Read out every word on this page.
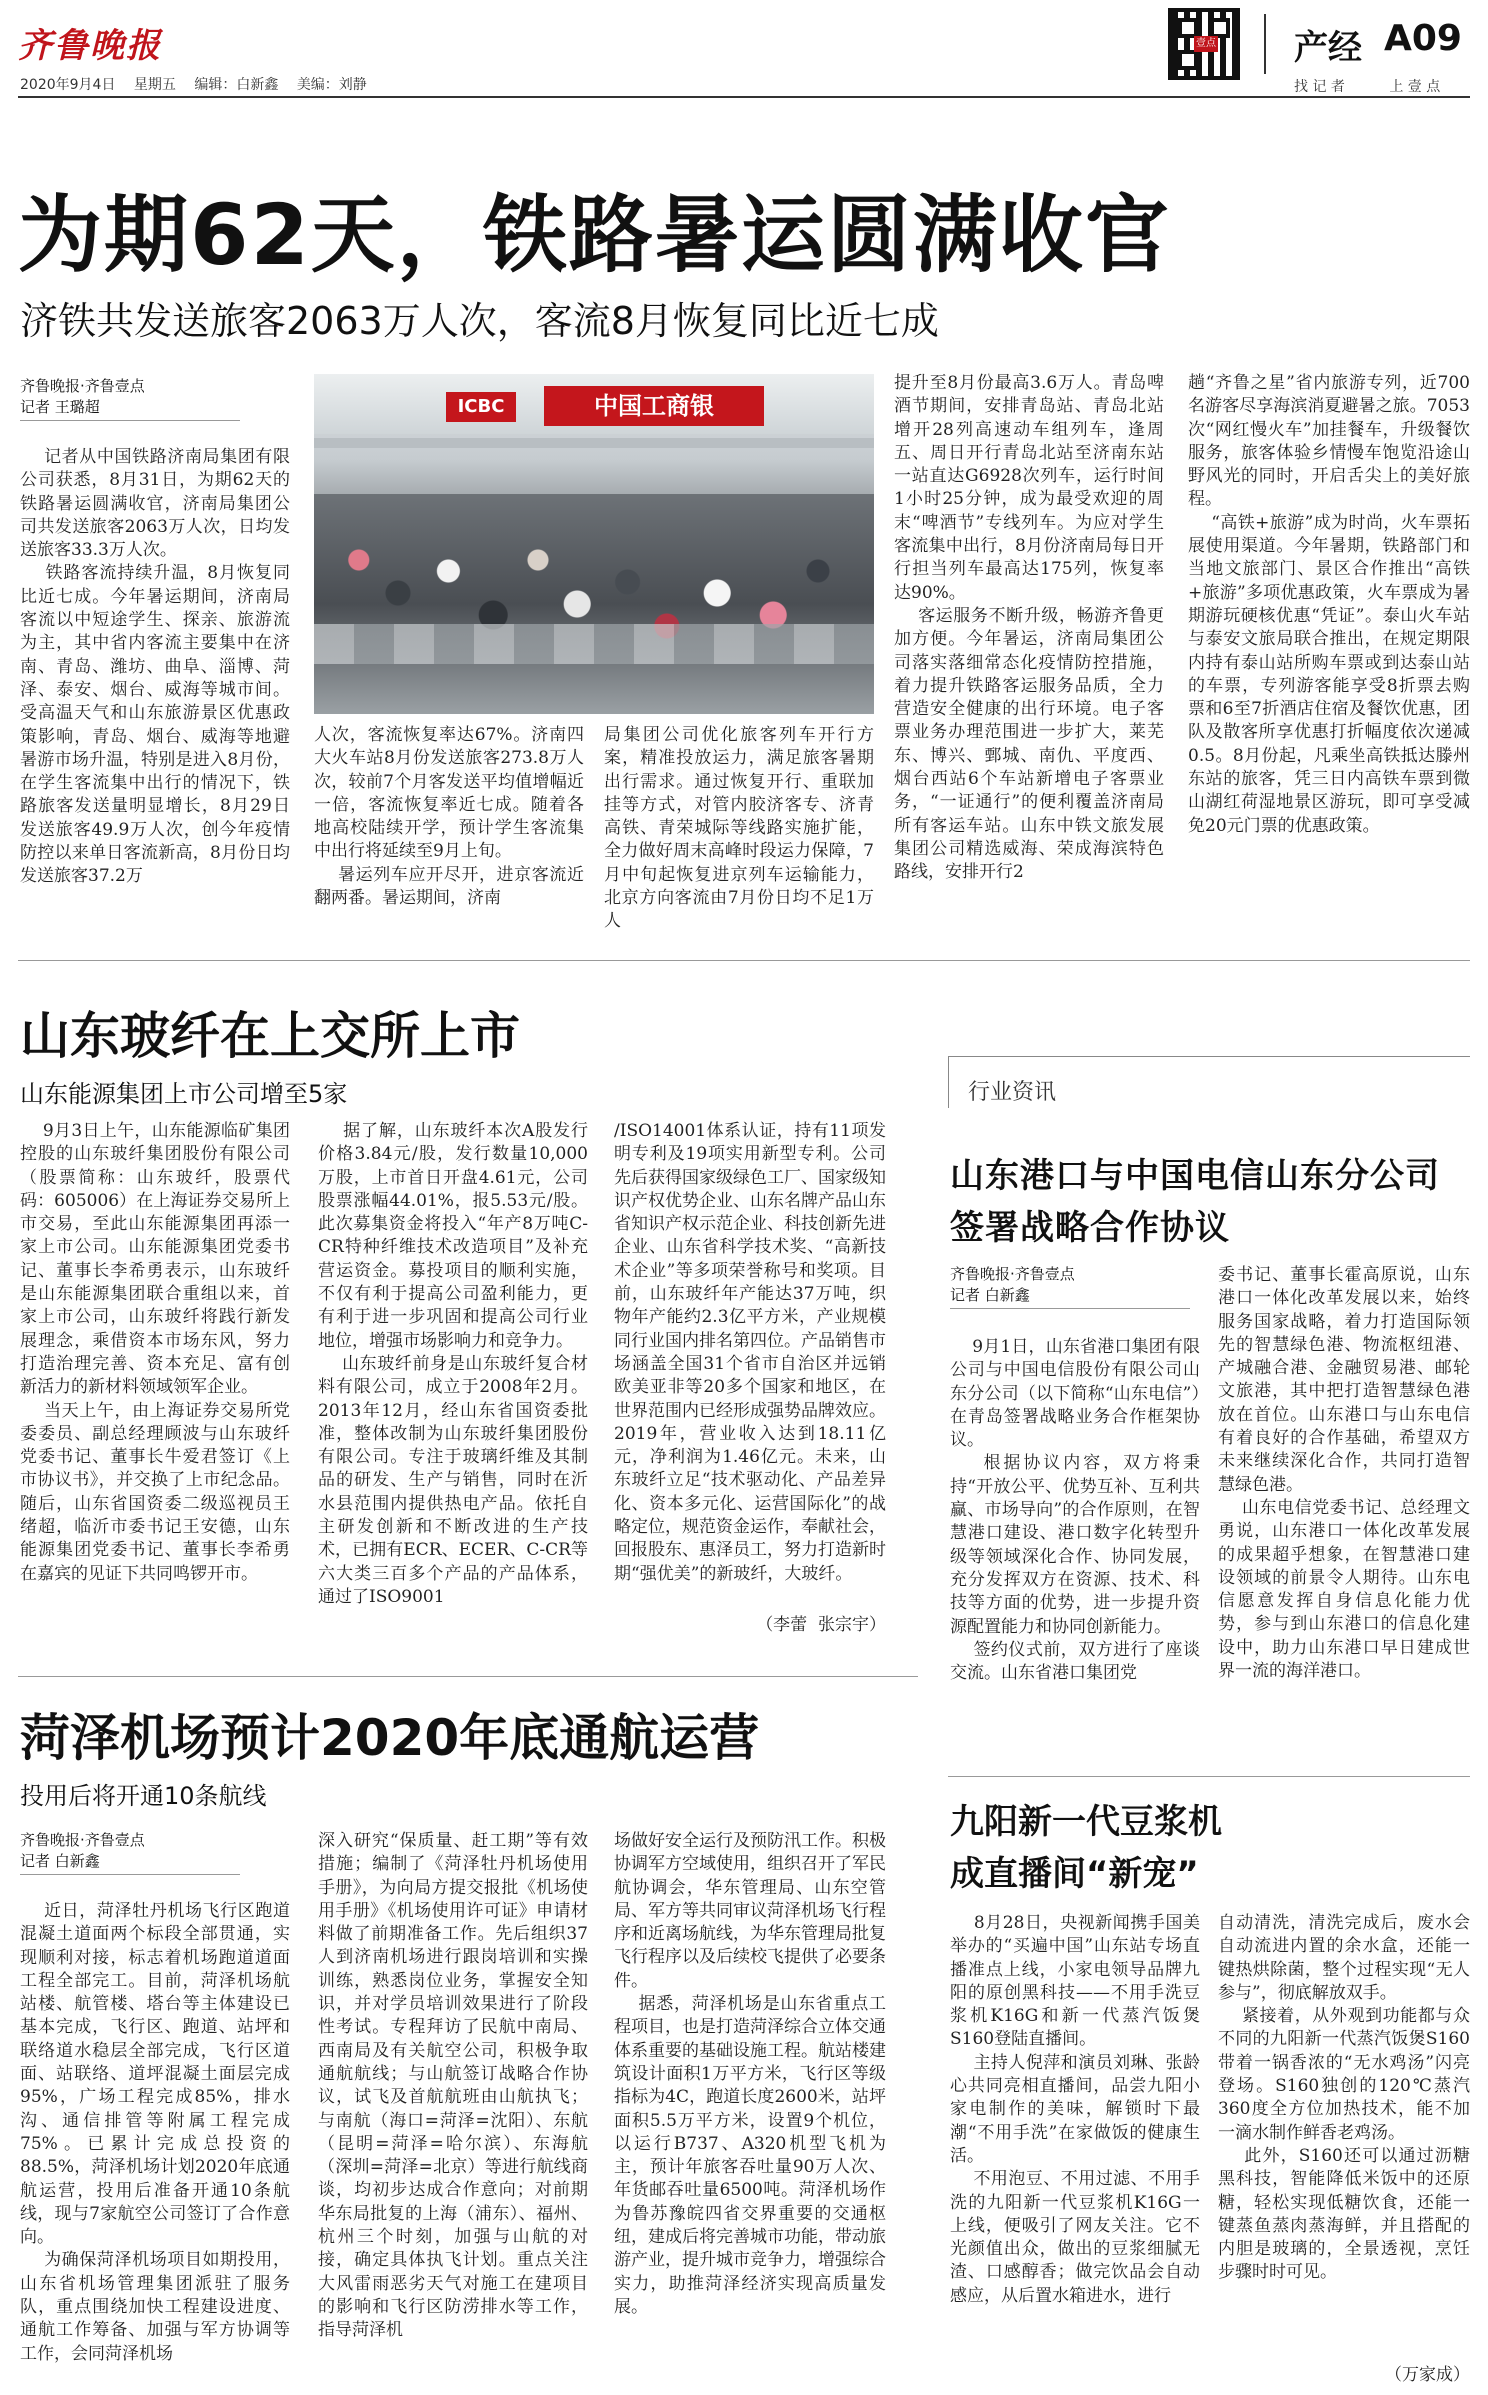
齐鲁晚报
2020年9月4日 星期五 编辑：白新鑫 美编：刘静
壹点 产经 A09
找 记 者	上 壹 点
为期62天，铁路暑运圆满收官
济铁共发送旅客2063万人次，客流8月恢复同比近七成
齐鲁晚报·齐鲁壹点
记者 王璐超	ICBC	中国工商银
记者从中国铁路济南局集团有限公司获悉，8月31日，为期62天的铁路暑运圆满收官，济南局集团公司共发送旅客2063万人次，日均发送旅客33.3万人次。
铁路客流持续升温，8月恢复同比近七成。今年暑运期间，济南局客流以中短途学生、探亲、旅游流为主，其中省内客流主要集中在济南、青岛、潍坊、曲阜、淄博、菏泽、泰安、烟台、威海等城市间。受高温天气和山东旅游景区优惠政策影响，青岛、烟台、威海等地避暑游市场升温，特别是进入8月份，在学生客流集中出行的情况下，铁路旅客发送量明显增长，8月29日发送旅客49.9万人次，创今年疫情防控以来单日客流新高，8月份日均发送旅客37.2万
人次，客流恢复率达67%。济南四大火车站8月份发送旅客273.8万人次，较前7个月客发送平均值增幅近一倍，客流恢复率近七成。随着各地高校陆续开学，预计学生客流集中出行将延续至9月上旬。
暑运列车应开尽开，进京客流近翻两番。暑运期间，济南
局集团公司优化旅客列车开行方案，精准投放运力，满足旅客暑期出行需求。通过恢复开行、重联加挂等方式，对管内胶济客专、济青高铁、青荣城际等线路实施扩能，全力做好周末高峰时段运力保障，7月中旬起恢复进京列车运输能力，北京方向客流由7月份日均不足1万人
提升至8月份最高3.6万人。青岛啤酒节期间，安排青岛站、青岛北站增开28列高速动车组列车，逢周五、周日开行青岛北站至济南东站一站直达G6928次列车，运行时间1小时25分钟，成为最受欢迎的周末“啤酒节”专线列车。为应对学生客流集中出行，8月份济南局每日开行担当列车最高达175列，恢复率达90%。
客运服务不断升级，畅游齐鲁更加方便。今年暑运，济南局集团公司落实落细常态化疫情防控措施，着力提升铁路客运服务品质，全力营造安全健康的出行环境。电子客票业务办理范围进一步扩大，莱芜东、博兴、鄄城、南仇、平度西、烟台西站6个车站新增电子客票业务，“一证通行”的便利覆盖济南局所有客运车站。山东中铁文旅发展集团公司精选威海、荣成海滨特色路线，安排开行2
趟“齐鲁之星”省内旅游专列，近700名游客尽享海滨消夏避暑之旅。7053次“网红慢火车”加挂餐车，升级餐饮服务，旅客体验乡情慢车饱览沿途山野风光的同时，开启舌尖上的美好旅程。
“高铁+旅游”成为时尚，火车票拓展使用渠道。今年暑期，铁路部门和当地文旅部门、景区合作推出“高铁+旅游”多项优惠政策，火车票成为暑期游玩硬核优惠“凭证”。泰山火车站与泰安文旅局联合推出，在规定期限内持有泰山站所购车票或到达泰山站的车票，专列游客能享受8折票去购票和6至7折酒店住宿及餐饮优惠，团队及散客所享优惠打折幅度依次递减0.5。8月份起，凡乘坐高铁抵达滕州东站的旅客，凭三日内高铁车票到微山湖红荷湿地景区游玩，即可享受减免20元门票的优惠政策。
山东玻纤在上交所上市
山东能源集团上市公司增至5家
9月3日上午，山东能源临矿集团控股的山东玻纤集团股份有限公司（股票简称：山东玻纤，股票代码：605006）在上海证券交易所上市交易，至此山东能源集团再添一家上市公司。山东能源集团党委书记、董事长李希勇表示，山东玻纤是山东能源集团联合重组以来，首家上市公司，山东玻纤将践行新发展理念，乘借资本市场东风，努力打造治理完善、资本充足、富有创新活力的新材料领域领军企业。
当天上午，由上海证券交易所党委委员、副总经理顾波与山东玻纤党委书记、董事长牛爱君签订《上市协议书》，并交换了上市纪念品。随后，山东省国资委二级巡视员王绪超，临沂市委书记王安德，山东能源集团党委书记、董事长李希勇在嘉宾的见证下共同鸣锣开市。
据了解，山东玻纤本次A股发行价格3.84元/股，发行数量10,000万股，上市首日开盘4.61元，公司股票涨幅44.01%，报5.53元/股。此次募集资金将投入“年产8万吨C-CR特种纤维技术改造项目”及补充营运资金。募投项目的顺利实施，不仅有利于提高公司盈利能力，更有利于进一步巩固和提高公司行业地位，增强市场影响力和竞争力。
山东玻纤前身是山东玻纤复合材料有限公司，成立于2008年2月。2013年12月，经山东省国资委批准，整体改制为山东玻纤集团股份有限公司。专注于玻璃纤维及其制品的研发、生产与销售，同时在沂水县范围内提供热电产品。依托自主研发创新和不断改进的生产技术，已拥有ECR、ECER、C-CR等六大类三百多个产品的产品体系，通过了ISO9001
/ISO14001体系认证，持有11项发明专利及19项实用新型专利。公司先后获得国家级绿色工厂、国家级知识产权优势企业、山东名牌产品山东省知识产权示范企业、科技创新先进企业、山东省科学技术奖、“高新技术企业”等多项荣誉称号和奖项。目前，山东玻纤年产能达37万吨，织物年产能约2.3亿平方米，产业规模同行业国内排名第四位。产品销售市场涵盖全国31个省市自治区并远销欧美亚非等20多个国家和地区，在世界范围内已经形成强势品牌效应。2019年，营业收入达到18.11亿元，净利润为1.46亿元。未来，山东玻纤立足“技术驱动化、产品差异化、资本多元化、运营国际化”的战略定位，规范资金运作，奉献社会，回报股东、惠泽员工，努力打造新时期“强优美”的新玻纤，大玻纤。
（李蕾  张宗宇）
行业资讯
山东港口与中国电信山东分公司签署战略合作协议
齐鲁晚报·齐鲁壹点
记者 白新鑫
9月1日，山东省港口集团有限公司与中国电信股份有限公司山东分公司（以下简称“山东电信”）在青岛签署战略业务合作框架协议。
根据协议内容，双方将秉持“开放公平、优势互补、互利共赢、市场导向”的合作原则，在智慧港口建设、港口数字化转型升级等领域深化合作、协同发展，充分发挥双方在资源、技术、科技等方面的优势，进一步提升资源配置能力和协同创新能力。
签约仪式前，双方进行了座谈交流。山东省港口集团党
委书记、董事长霍高原说，山东港口一体化改革发展以来，始终服务国家战略，着力打造国际领先的智慧绿色港、物流枢纽港、产城融合港、金融贸易港、邮轮文旅港，其中把打造智慧绿色港放在首位。山东港口与山东电信有着良好的合作基础，希望双方未来继续深化合作，共同打造智慧绿色港。
山东电信党委书记、总经理文勇说，山东港口一体化改革发展的成果超乎想象，在智慧港口建设领域的前景令人期待。山东电信愿意发挥自身信息化能力优势，参与到山东港口的信息化建设中，助力山东港口早日建成世界一流的海洋港口。
菏泽机场预计2020年底通航运营
投用后将开通10条航线
齐鲁晚报·齐鲁壹点
记者 白新鑫
近日，菏泽牡丹机场飞行区跑道混凝土道面两个标段全部贯通，实现顺利对接，标志着机场跑道道面工程全部完工。目前，菏泽机场航站楼、航管楼、塔台等主体建设已基本完成，飞行区、跑道、站坪和联络道水稳层全部完成，飞行区道面、站联络、道坪混凝土面层完成95%，广场工程完成85%，排水沟、通信排管等附属工程完成75%。已累计完成总投资的88.5%，菏泽机场计划2020年底通航运营，投用后准备开通10条航线，现与7家航空公司签订了合作意向。
为确保菏泽机场项目如期投用，山东省机场管理集团派驻了服务队，重点围绕加快工程建设进度、通航工作筹备、加强与军方协调等工作，会同菏泽机场
深入研究“保质量、赶工期”等有效措施；编制了《菏泽牡丹机场使用手册》，为向局方提交报批《机场使用手册》《机场使用许可证》申请材料做了前期准备工作。先后组织37人到济南机场进行跟岗培训和实操训练，熟悉岗位业务，掌握安全知识，并对学员培训效果进行了阶段性考试。专程拜访了民航中南局、西南局及有关航空公司，积极争取通航航线；与山航签订战略合作协议，试飞及首航航班由山航执飞；与南航（海口=菏泽=沈阳）、东航（昆明=菏泽=哈尔滨）、东海航（深圳=菏泽=北京）等进行航线商谈，均初步达成合作意向；对前期华东局批复的上海（浦东）、福州、杭州三个时刻，加强与山航的对接，确定具体执飞计划。重点关注大风雷雨恶劣天气对施工在建项目的影响和飞行区防涝排水等工作，指导菏泽机
场做好安全运行及预防汛工作。积极协调军方空域使用，组织召开了军民航协调会，华东管理局、山东空管局、军方等共同审议菏泽机场飞行程序和近离场航线，为华东管理局批复飞行程序以及后续校飞提供了必要条件。
据悉，菏泽机场是山东省重点工程项目，也是打造菏泽综合立体交通体系重要的基础设施工程。航站楼建筑设计面积1万平方米，飞行区等级指标为4C，跑道长度2600米，站坪面积5.5万平方米，设置9个机位，以运行B737、A320机型飞机为主，预计年旅客吞吐量90万人次、年货邮吞吐量6500吨。菏泽机场作为鲁苏豫皖四省交界重要的交通枢纽，建成后将完善城市功能，带动旅游产业，提升城市竞争力，增强综合实力，助推菏泽经济实现高质量发展。
九阳新一代豆浆机
成直播间“新宠”
8月28日，央视新闻携手国美举办的“买遍中国”山东站专场直播准点上线，小家电领导品牌九阳的原创黑科技——不用手洗豆浆机K16G和新一代蒸汽饭煲S160登陆直播间。
主持人倪萍和演员刘琳、张龄心共同亮相直播间，品尝九阳小家电制作的美味，解锁时下最潮“不用手洗”在家做饭的健康生活。
不用泡豆、不用过滤、不用手洗的九阳新一代豆浆机K16G一上线，便吸引了网友关注。它不光颜值出众，做出的豆浆细腻无渣、口感醇香；做完饮品会自动感应，从后置水箱进水，进行
自动清洗，清洗完成后，废水会自动流进内置的余水盒，还能一键热烘除菌，整个过程实现“无人参与”，彻底解放双手。
紧接着，从外观到功能都与众不同的九阳新一代蒸汽饭煲S160带着一锅香浓的“无水鸡汤”闪亮登场。S160独创的120℃蒸汽360度全方位加热技术，能不加一滴水制作鲜香老鸡汤。
此外，S160还可以通过沥糖黑科技，智能降低米饭中的还原糖，轻松实现低糖饮食，还能一键蒸鱼蒸肉蒸海鲜，并且搭配的内胆是玻璃的，全景透视，烹饪步骤时时可见。
（万家成）
